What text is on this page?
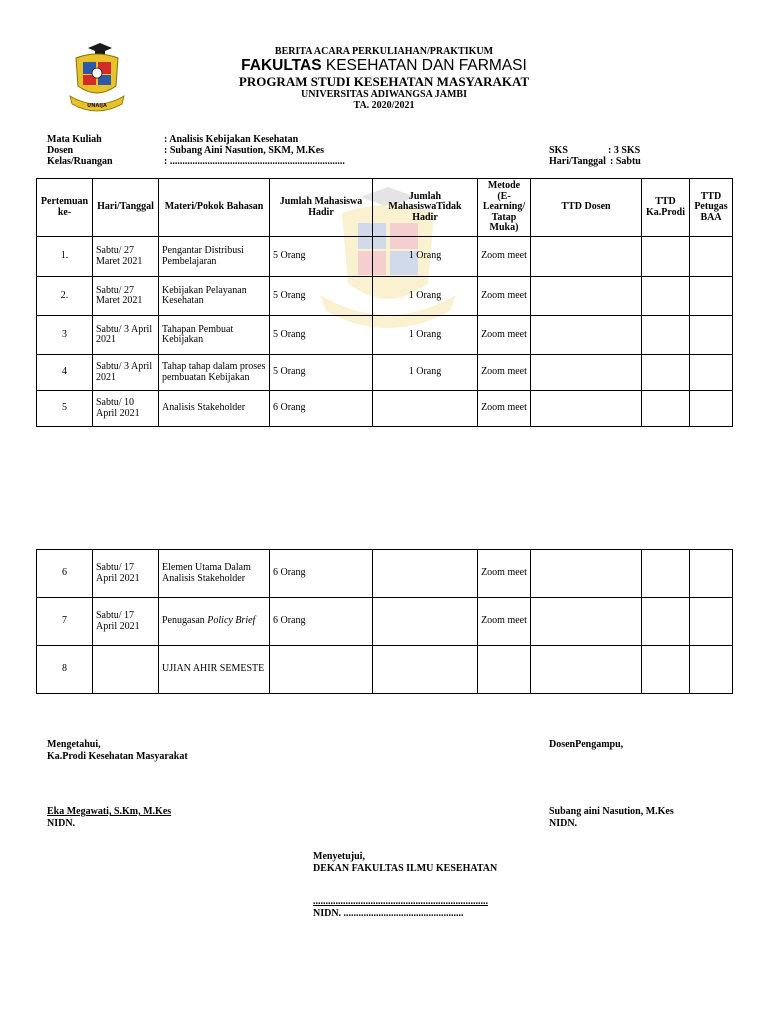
UNAIJA
BERITA ACARA PERKULIAHAN/PRAKTIKUM
FAKULTAS KESEHATAN DAN FARMASI
PROGRAM STUDI KESEHATAN MASYARAKAT
UNIVERSITAS ADIWANGSA JAMBI
TA. 2020/2021
Mata Kuliah	: Analisis Kebijakan Kesehatan
Dosen	: Subang Aini Nasution, SKM, M.Kes
Kelas/Ruangan	: ......................................................................
SKS	: 3 SKS
Hari/Tanggal : Sabtu
Pertemuan ke-	Hari/Tanggal	Materi/Pokok Bahasan	Jumlah Mahasiswa Hadir	Jumlah MahasiswaTidak Hadir	Metode (E-Learning/ Tatap Muka)	TTD Dosen	TTD Ka.Prodi	TTD Petugas BAA
1.	Sabtu/ 27 Maret 2021	Pengantar Distribusi Pembelajaran	5 Orang	1 Orang	Zoom meet			
2.	Sabtu/ 27 Maret 2021	Kebijakan Pelayanan Kesehatan	5 Orang	1 Orang	Zoom meet			
3	Sabtu/ 3 April 2021	Tahapan Pembuat Kebijakan	5 Orang	1 Orang	Zoom meet			
4	Sabtu/ 3 April 2021	Tahap tahap dalam proses pembuatan Kebijakan	5 Orang	1 Orang	Zoom meet			
5	Sabtu/ 10 April 2021	Analisis Stakeholder	6 Orang		Zoom meet			
6	Sabtu/ 17 April 2021	Elemen Utama Dalam Analisis Stakeholder	6 Orang		Zoom meet			
7	Sabtu/ 17 April 2021	Penugasan Policy Brief	6 Orang		Zoom meet			
8		UJIAN AHIR SEMESTE						
Mengetahui,
Ka.Prodi Kesehatan Masyarakat
Eka Megawati, S.Km, M.Kes
NIDN.
DosenPengampu,
Subang aini Nasution, M.Kes
NIDN.
Menyetujui,
DEKAN FAKULTAS ILMU KESEHATAN
......................................................................
NIDN. ................................................
